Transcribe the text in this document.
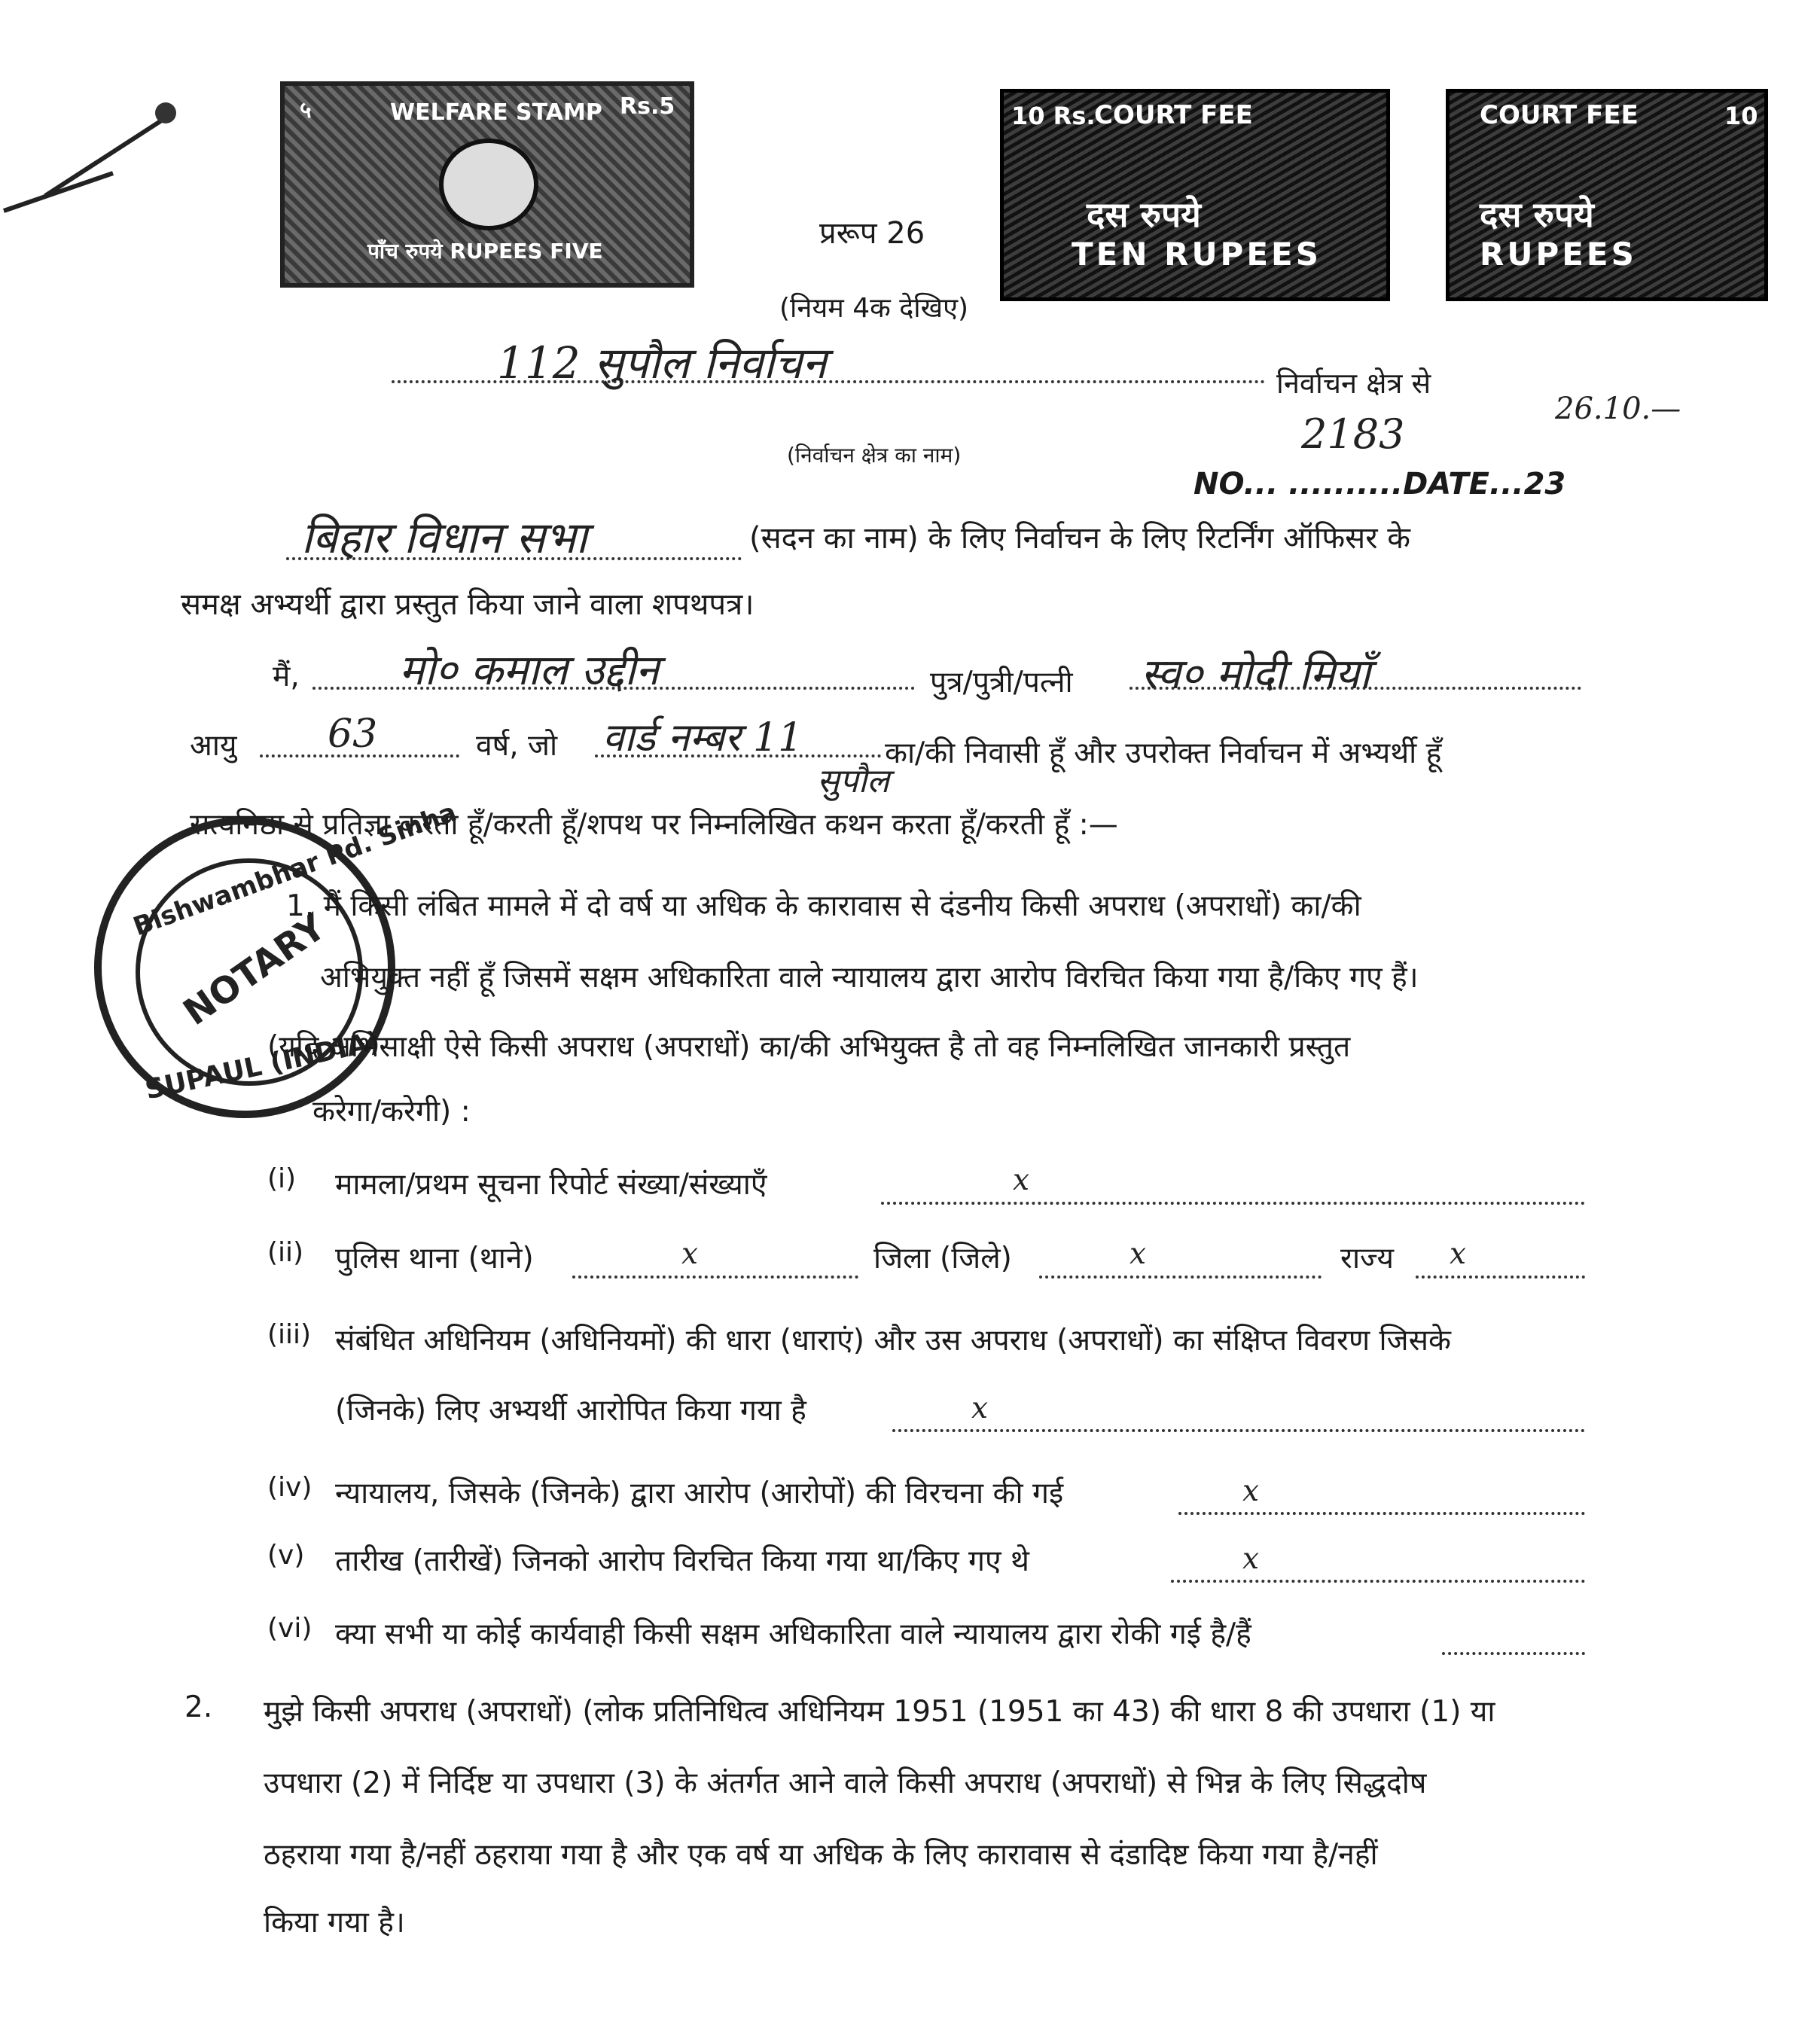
५	WELFARE STAMP Rs.5
पाँच रुपये RUPEES FIVE
10 Rs.
COURT FEE
दस रुपये
TEN RUPEES
COURT FEE	10
दस रुपये
RUPEES
प्ररूप 26
(नियम 4क देखिए)
112 सुपौल निर्वाचन	निर्वाचन क्षेत्र से
2183
26.10.—
(निर्वाचन क्षेत्र का नाम)
NO... ..........DATE...23
बिहार विधान सभा	(सदन का नाम) के लिए निर्वाचन के लिए रिटर्निंग ऑफिसर के
समक्ष अभ्यर्थी द्वारा प्रस्तुत किया जाने वाला शपथपत्र।
मैं, मो० कमाल उद्दीन	पुत्र/पुत्री/पत्नी स्व० मोदी मियाँ
आयु 63	वर्ष, जो वार्ड नम्बर 11
सुपौल
का/की निवासी हूँ और उपरोक्त निर्वाचन में अभ्यर्थी हूँ
सत्यनिष्ठा से प्रतिज्ञा करता हूँ/करती हूँ/शपथ पर निम्नलिखित कथन करता हूँ/करती हूँ :—
Bishwambhar Pd. Sinha
NOTARY
SUPAUL (INDIA)
1. मैं किसी लंबित मामले में दो वर्ष या अधिक के कारावास से दंडनीय किसी अपराध (अपराधों) का/की
अभियुक्त नहीं हूँ जिसमें सक्षम अधिकारिता वाले न्यायालय द्वारा आरोप विरचित किया गया है/किए गए हैं।
(यदि अभिसाक्षी ऐसे किसी अपराध (अपराधों) का/की अभियुक्त है तो वह निम्नलिखित जानकारी प्रस्तुत
करेगा/करेगी) :
(i) मामला/प्रथम सूचना रिपोर्ट संख्या/संख्याएँ	x
(ii) पुलिस थाना (थाने)	x	जिला (जिले)	x	राज्य x
(iii) संबंधित अधिनियम (अधिनियमों) की धारा (धाराएं) और उस अपराध (अपराधों) का संक्षिप्त विवरण जिसके
(जिनके) लिए अभ्यर्थी आरोपित किया गया है	x
(iv) न्यायालय, जिसके (जिनके) द्वारा आरोप (आरोपों) की विरचना की गई	x
(v) तारीख (तारीखें) जिनको आरोप विरचित किया गया था/किए गए थे	x
(vi) क्या सभी या कोई कार्यवाही किसी सक्षम अधिकारिता वाले न्यायालय द्वारा रोकी गई है/हैं
2. मुझे किसी अपराध (अपराधों) (लोक प्रतिनिधित्व अधिनियम 1951 (1951 का 43) की धारा 8 की उपधारा (1) या
उपधारा (2) में निर्दिष्ट या उपधारा (3) के अंतर्गत आने वाले किसी अपराध (अपराधों) से भिन्न के लिए सिद्धदोष
ठहराया गया है/नहीं ठहराया गया है और एक वर्ष या अधिक के लिए कारावास से दंडादिष्ट किया गया है/नहीं
किया गया है।
